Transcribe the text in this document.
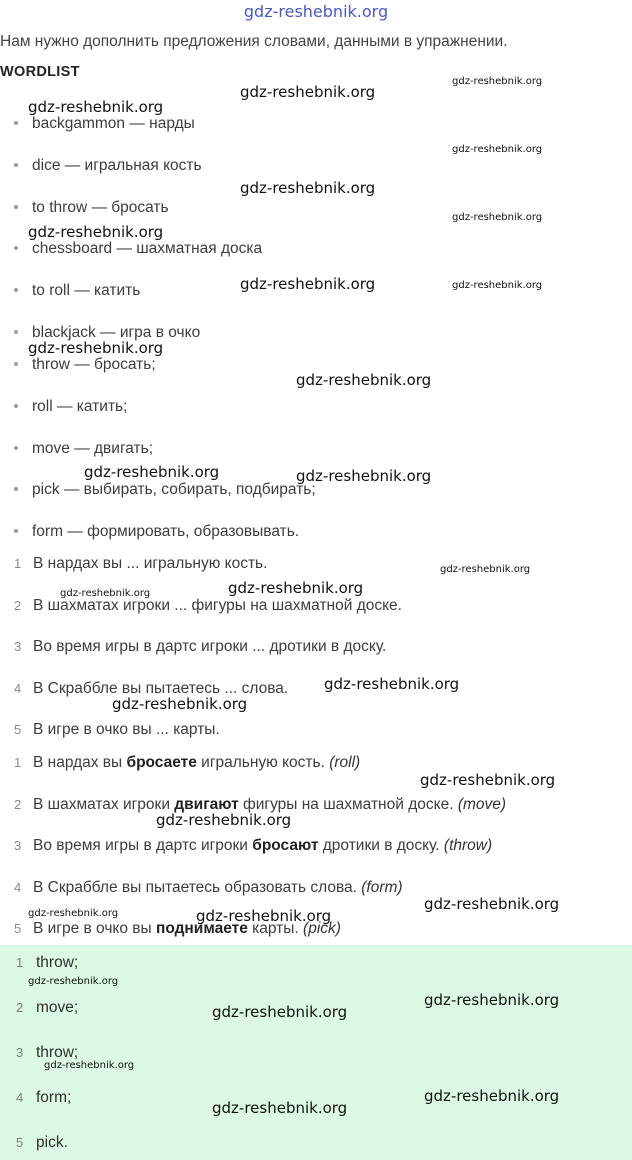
gdz-reshebnik.org
Нам нужно дополнить предложения словами, данными в упражнении.
WORDLIST
backgammon — нарды
dice — игральная кость
to throw — бросать
chessboard — шахматная доска
to roll — катить
blackjack — игра в очко
throw — бросать;
roll — катить;
move — двигать;
pick — выбирать, собирать, подбирать;
form — формировать, образовывать.
1 В нардах вы ... игральную кость.
2 В шахматах игроки ... фигуры на шахматной доске.
3 Во время игры в дартс игроки ... дротики в доску.
4 В Скраббле вы пытаетесь ... слова.
5 В игре в очко вы ... карты.
1 В нардах вы бросаете игральную кость. (roll)
2 В шахматах игроки двигают фигуры на шахматной доске. (move)
3 Во время игры в дартс игроки бросают дротики в доску. (throw)
4 В Скраббле вы пытаетесь образовать слова. (form)
5 В игре в очко вы поднимаете карты. (pick)
1 throw;
2 move;
3 throw;
4 form;
5 pick.
gdz-reshebnik.org
gdz-reshebnik.org
gdz-reshebnik.org
gdz-reshebnik.org
gdz-reshebnik.org
gdz-reshebnik.org
gdz-reshebnik.org
gdz-reshebnik.org	gdz-reshebnik.org
gdz-reshebnik.org
gdz-reshebnik.org
gdz-reshebnik.org	gdz-reshebnik.org
gdz-reshebnik.org
gdz-reshebnik.org
gdz-reshebnik.org
gdz-reshebnik.org
gdz-reshebnik.org
gdz-reshebnik.org
gdz-reshebnik.org
gdz-reshebnik.org
gdz-reshebnik.org	gdz-reshebnik.org
gdz-reshebnik.org
gdz-reshebnik.org
gdz-reshebnik.org
gdz-reshebnik.org
gdz-reshebnik.org
gdz-reshebnik.org
